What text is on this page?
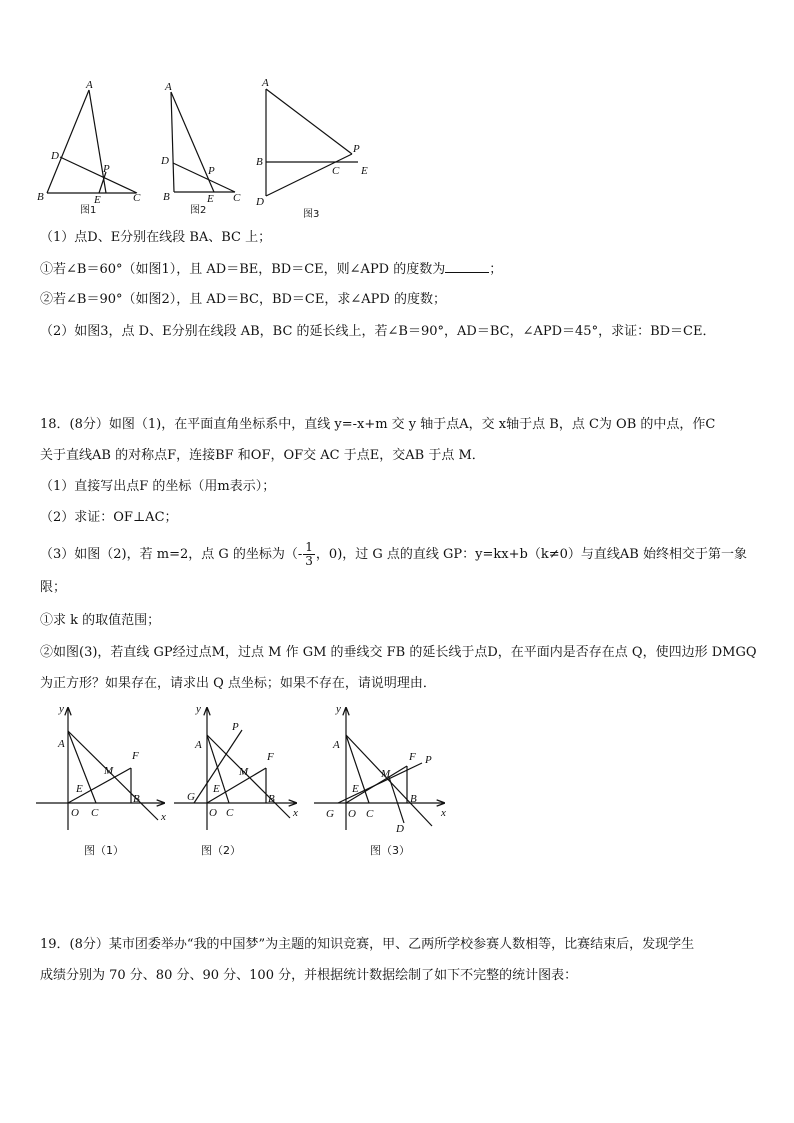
A
B	C
D
E
P
图1
A
B	C
D
E
P
图2
A
B
C
D
E
P
图3
（1）点D、E分别在线段 BA、BC 上；
①若∠B＝60°（如图1），且 AD＝BE，BD＝CE，则∠APD 的度数为	；
②若∠B＝90°（如图2），且 AD＝BC，BD＝CE，求∠APD 的度数；
（2）如图3，点 D、E分别在线段 AB，BC 的延长线上，若∠B＝90°，AD＝BC，∠APD＝45°，求证：BD＝CE．
18．(8分）如图（1)，在平面直角坐标系中，直线 y=-x+m 交 y 轴于点A，交 x轴于点 B，点 C为 OB 的中点，作C
关于直线AB 的对称点F，连接BF 和OF，OF交 AC 于点E，交AB 于点 M．
（1）直接写出点F 的坐标（用m表示）；
（2）求证：OF⊥AC；
（3）如图（2)，若 m=2，点 G 的坐标为（- $\frac{1}{3}$ ，0)，过 G 点的直线 GP：y=kx+b（k≠0）与直线AB 始终相交于第一象
限；
①求 k 的取值范围；
②如图(3)，若直线 GP经过点M，过点 M 作 GM 的垂线交 FB 的延长线于点D，在平面内是否存在点 Q，使四边形 DMGQ
为正方形？如果存在，请求出 Q 点坐标；如果不存在，请说明理由．
y
x
A
F
M
E
B
O C
图（1）
y
x
A
P
F
M
G
E
B
O C
图（2）
y
x
A
F P
M
E
G O C
B
D
图（3）
19．(8分）某市团委举办“我的中国梦”为主题的知识竞赛，甲、乙两所学校参赛人数相等，比赛结束后，发现学生
成绩分别为 70 分、80 分、90 分、100 分，并根据统计数据绘制了如下不完整的统计图表：
